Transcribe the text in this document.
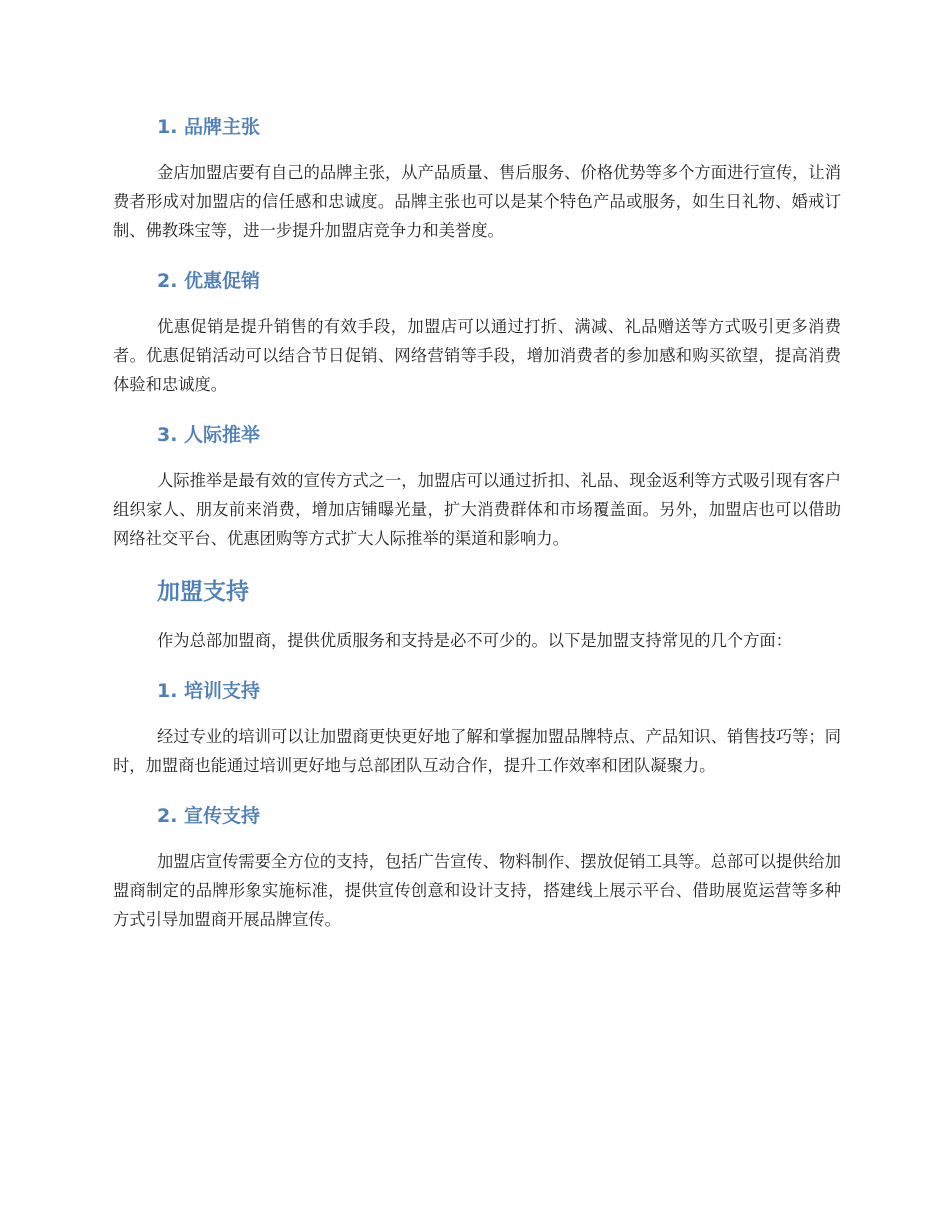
1. 品牌主张

金店加盟店要有自己的品牌主张，从产品质量、售后服务、价格优势等多个方面进行宣传，让消费者形成对加盟店的信任感和忠诚度。品牌主张也可以是某个特色产品或服务，如生日礼物、婚戒订制、佛教珠宝等，进一步提升加盟店竞争力和美誉度。

2. 优惠促销

优惠促销是提升销售的有效手段，加盟店可以通过打折、满减、礼品赠送等方式吸引更多消费者。优惠促销活动可以结合节日促销、网络营销等手段，增加消费者的参加感和购买欲望，提高消费体验和忠诚度。

3. 人际推举

人际推举是最有效的宣传方式之一，加盟店可以通过折扣、礼品、现金返利等方式吸引现有客户组织家人、朋友前来消费，增加店铺曝光量，扩大消费群体和市场覆盖面。另外，加盟店也可以借助网络社交平台、优惠团购等方式扩大人际推举的渠道和影响力。

加盟支持

作为总部加盟商，提供优质服务和支持是必不可少的。以下是加盟支持常见的几个方面：

1. 培训支持

经过专业的培训可以让加盟商更快更好地了解和掌握加盟品牌特点、产品知识、销售技巧等；同时，加盟商也能通过培训更好地与总部团队互动合作，提升工作效率和团队凝聚力。

2. 宣传支持

加盟店宣传需要全方位的支持，包括广告宣传、物料制作、摆放促销工具等。总部可以提供给加盟商制定的品牌形象实施标准，提供宣传创意和设计支持，搭建线上展示平台、借助展览运营等多种方式引导加盟商开展品牌宣传。
